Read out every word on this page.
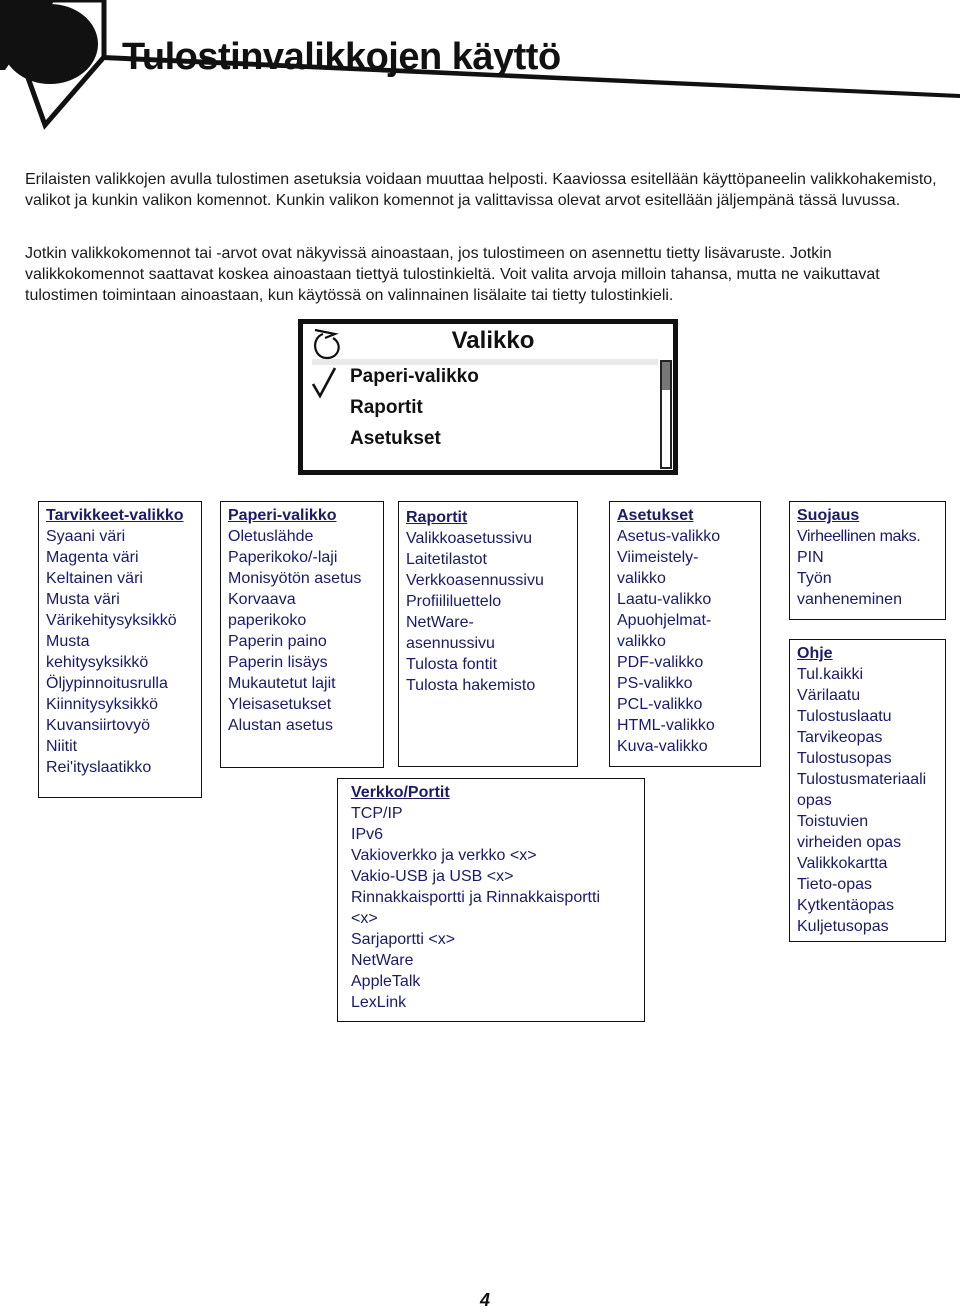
Tulostinvalikkojen käyttö
Erilaisten valikkojen avulla tulostimen asetuksia voidaan muuttaa helposti. Kaaviossa esitellään käyttöpaneelin valikkohakemisto, valikot ja kunkin valikon komennot. Kunkin valikon komennot ja valittavissa olevat arvot esitellään jäljempänä tässä luvussa.
Jotkin valikkokomennot tai -arvot ovat näkyvissä ainoastaan, jos tulostimeen on asennettu tietty lisävaruste. Jotkin valikkokomennot saattavat koskea ainoastaan tiettyä tulostinkieltä. Voit valita arvoja milloin tahansa, mutta ne vaikuttavat tulostimen toimintaan ainoastaan, kun käytössä on valinnainen lisälaite tai tietty tulostinkieli.
Valikko
Paperi-valikko
Raportit
Asetukset
Tarvikkeet-valikko
Syaani väri
Magenta väri
Keltainen väri
Musta väri
Värikehitysyksikkö
Musta
kehitysyksikkö
Öljypinnoitusrulla
Kiinnitysyksikkö
Kuvansiirtovyö
Niitit
Rei'ityslaatikko
Paperi-valikko
Oletuslähde
Paperikoko/-laji
Monisyötön asetus
Korvaava
paperikoko
Paperin paino
Paperin lisäys
Mukautetut lajit
Yleisasetukset
Alustan asetus
Raportit
Valikkoasetussivu
Laitetilastot
Verkkoasennussivu
Profiililuettelo
NetWare-
asennussivu
Tulosta fontit
Tulosta hakemisto
Asetukset
Asetus-valikko
Viimeistely-
valikko
Laatu-valikko
Apuohjelmat-
valikko
PDF-valikko
PS-valikko
PCL-valikko
HTML-valikko
Kuva-valikko
Suojaus
Virheellinen maks.
PIN
Työn
vanheneminen
Ohje
Tul.kaikki
Värilaatu
Tulostuslaatu
Tarvikeopas
Tulostusopas
Tulostusmateriaali
opas
Toistuvien
virheiden opas
Valikkokartta
Tieto-opas
Kytkentäopas
Kuljetusopas
Verkko/Portit
TCP/IP
IPv6
Vakioverkko ja verkko <x>
Vakio-USB ja USB <x>
Rinnakkaisportti ja Rinnakkaisportti
<x>
Sarjaportti <x>
NetWare
AppleTalk
LexLink
4
